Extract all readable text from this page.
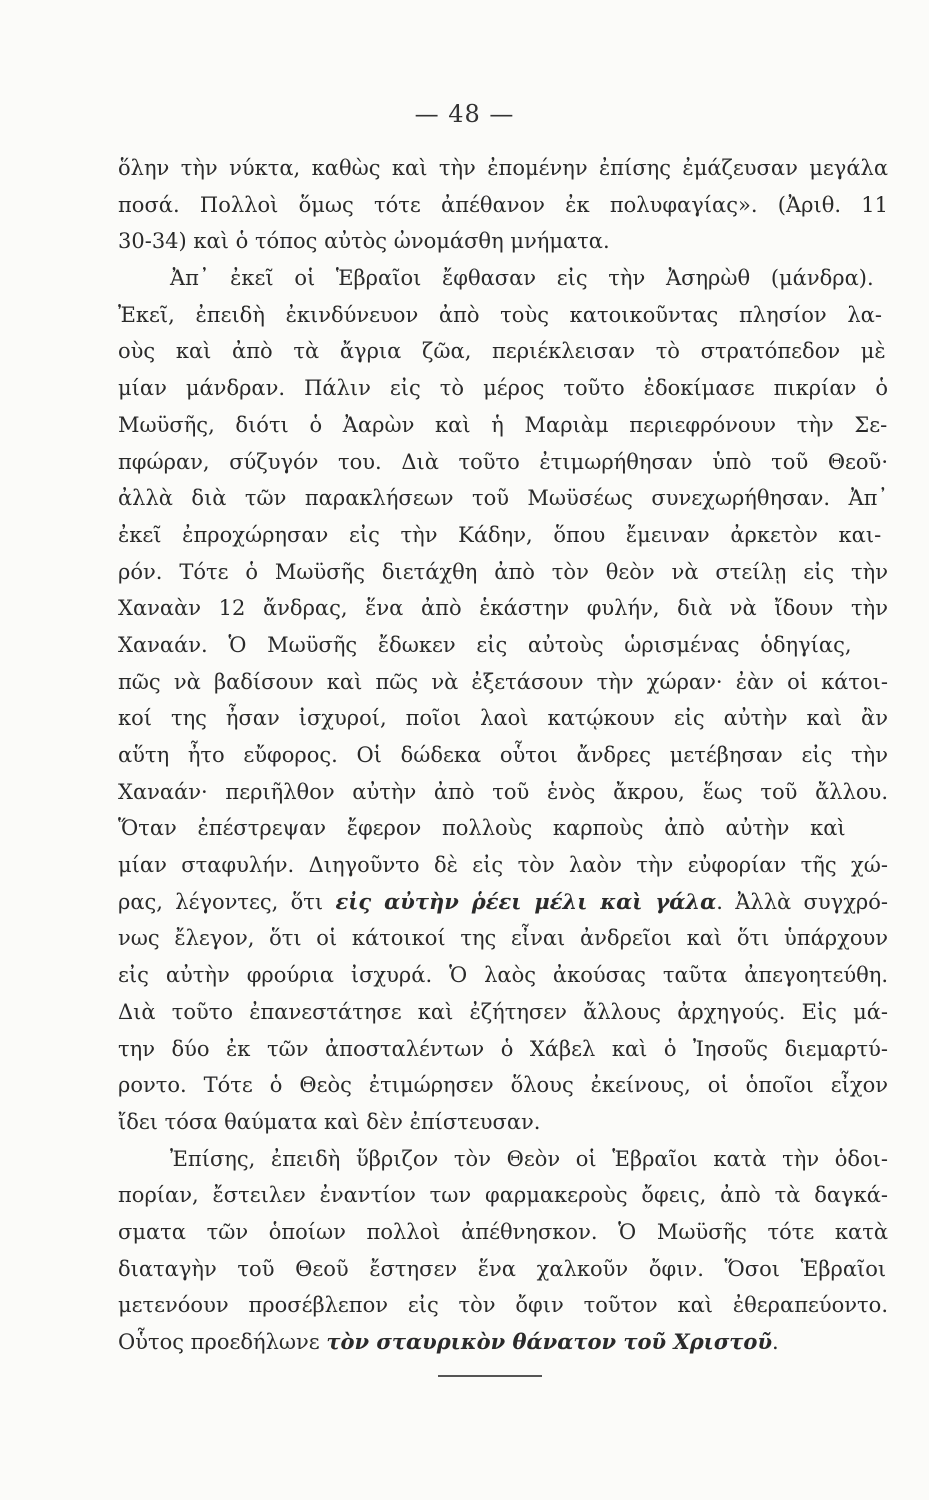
— 48 —
ὅλην τὴν νύκτα, καθὼς καὶ τὴν ἐπομένην ἐπίσης ἐμάζευσαν μεγάλα
ποσά. Πολλοὶ ὅμως τότε ἀπέθανον ἐκ πολυφαγίας». (Ἀριθ. 11
30-34) καὶ ὁ τόπος αὐτὸς ὠνομάσθη μνήματα.
Ἀπ᾽ ἐκεῖ οἱ Ἑβραῖοι ἔφθασαν εἰς τὴν Ἀσηρὼθ (μάνδρα).
Ἐκεῖ, ἐπειδὴ ἐκινδύνευον ἀπὸ τοὺς κατοικοῦντας πλησίον λα-
οὺς καὶ ἀπὸ τὰ ἄγρια ζῶα, περιέκλεισαν τὸ στρατόπεδον μὲ
μίαν μάνδραν. Πάλιν εἰς τὸ μέρος τοῦτο ἐδοκίμασε πικρίαν ὁ
Μωϋσῆς, διότι ὁ Ἀαρὼν καὶ ἡ Μαριὰμ περιεφρόνουν τὴν Σε-
πφώραν, σύζυγόν του. Διὰ τοῦτο ἐτιμωρήθησαν ὑπὸ τοῦ Θεοῦ·
ἀλλὰ διὰ τῶν παρακλήσεων τοῦ Μωϋσέως συνεχωρήθησαν. Ἀπ᾽
ἐκεῖ ἐπροχώρησαν εἰς τὴν Κάδην, ὅπου ἔμειναν ἀρκετὸν και-
ρόν. Τότε ὁ Μωϋσῆς διετάχθη ἀπὸ τὸν θεὸν νὰ στείλῃ εἰς τὴν
Χαναὰν 12 ἄνδρας, ἕνα ἀπὸ ἑκάστην φυλήν, διὰ νὰ ἴδουν τὴν
Χαναάν. Ὁ Μωϋσῆς ἔδωκεν εἰς αὐτοὺς ὡρισμένας ὁδηγίας,
πῶς νὰ βαδίσουν καὶ πῶς νὰ ἐξετάσουν τὴν χώραν· ἐὰν οἱ κάτοι-
κοί της ἦσαν ἰσχυροί, ποῖοι λαοὶ κατῴκουν εἰς αὐτὴν καὶ ἂν
αὕτη ἦτο εὔφορος. Οἱ δώδεκα οὗτοι ἄνδρες μετέβησαν εἰς τὴν
Χαναάν· περιῆλθον αὐτὴν ἀπὸ τοῦ ἑνὸς ἄκρου, ἕως τοῦ ἄλλου.
Ὅταν ἐπέστρεψαν ἔφερον πολλοὺς καρποὺς ἀπὸ αὐτὴν καὶ
μίαν σταφυλήν. Διηγοῦντο δὲ εἰς τὸν λαὸν τὴν εὐφορίαν τῆς χώ-
ρας, λέγοντες, ὅτι εἰς αὐτὴν ῥέει μέλι καὶ γάλα. Ἀλλὰ συγχρό-
νως ἔλεγον, ὅτι οἱ κάτοικοί της εἶναι ἀνδρεῖοι καὶ ὅτι ὑπάρχουν
εἰς αὐτὴν φρούρια ἰσχυρά. Ὁ λαὸς ἀκούσας ταῦτα ἀπεγοητεύθη.
Διὰ τοῦτο ἐπανεστάτησε καὶ ἐζήτησεν ἄλλους ἀρχηγούς. Εἰς μά-
την δύο ἐκ τῶν ἀποσταλέντων ὁ Χάβελ καὶ ὁ Ἰησοῦς διεμαρτύ-
ροντο. Τότε ὁ Θεὸς ἐτιμώρησεν ὅλους ἐκείνους, οἱ ὁποῖοι εἶχον
ἴδει τόσα θαύματα καὶ δὲν ἐπίστευσαν.
Ἐπίσης, ἐπειδὴ ὕβριζον τὸν Θεὸν οἱ Ἑβραῖοι κατὰ τὴν ὁδοι-
πορίαν, ἔστειλεν ἐναντίον των φαρμακεροὺς ὄφεις, ἀπὸ τὰ δαγκά-
σματα τῶν ὁποίων πολλοὶ ἀπέθνησκον. Ὁ Μωϋσῆς τότε κατὰ
διαταγὴν τοῦ Θεοῦ ἔστησεν ἕνα χαλκοῦν ὄφιν. Ὅσοι Ἑβραῖοι
μετενόουν προσέβλεπον εἰς τὸν ὄφιν τοῦτον καὶ ἐθεραπεύοντο.
Οὗτος προεδήλωνε τὸν σταυρικὸν θάνατον τοῦ Χριστοῦ.
